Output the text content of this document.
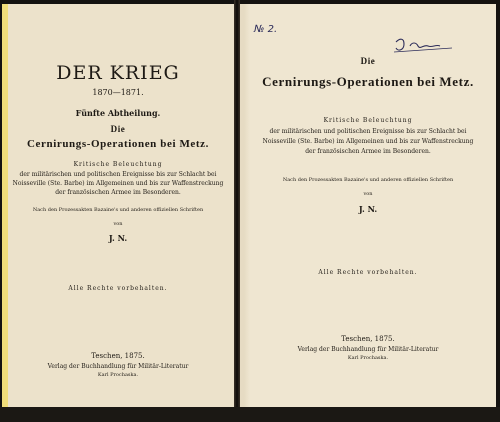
DER KRIEG
1870—1871.
Fünfte Abtheilung.
Die
Cernirungs-Operationen bei Metz.
Kritische Beleuchtung
der militärischen und politischen Ereignisse bis zur Schlacht bei
Noisseville (Ste. Barbe) im Allgemeinen und bis zur Waffenstreckung
der französischen Armee im Besonderen.
Nach den Prozessakten Bazaine's und anderen offiziellen Schriften
von
J. N.
Alle Rechte vorbehalten.
Teschen, 1875.
Verlag der Buchhandlung für Militär-Literatur
Karl Prochaska.
№ 2.
Die
Cernirungs-Operationen bei Metz.
Kritische Beleuchtung
der militärischen und politischen Ereignisse bis zur Schlacht bei
Noisseville (Ste. Barbe) im Allgemeinen und bis zur Waffenstreckung
der französischen Armee im Besonderen.
Nach den Prozessakten Bazaine's und anderen offiziellen Schriften
von
J. N.
Alle Rechte vorbehalten.
Teschen, 1875.
Verlag der Buchhandlung für Militär-Literatur
Karl Prochaska.
